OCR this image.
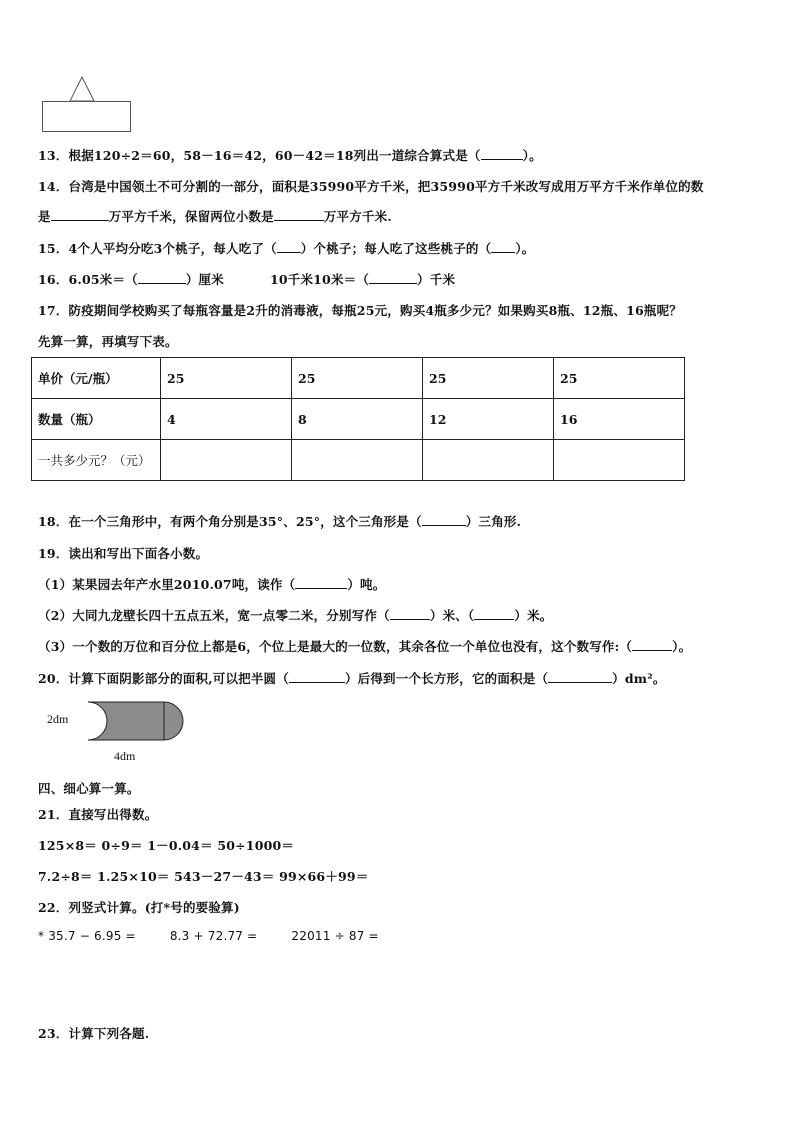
13．根据120÷2＝60，58－16＝42，60－42＝18列出一道综合算式是（	）。
14．台湾是中国领土不可分割的一部分，面积是35990平方千米，把35990平方千米改写成用万平方千米作单位的数
是	万平方千米，保留两位小数是	万平方千米.
15．4个人平均分吃3个桃子，每人吃了（ ）个桃子；每人吃了这些桃子的（ ）。
16．6.05米＝（	）厘米	10千米10米＝（	）千米
17．防疫期间学校购买了每瓶容量是2升的消毒液，每瓶25元，购买4瓶多少元？如果购买8瓶、12瓶、16瓶呢？
先算一算，再填写下表。
单价（元/瓶）	25	25	25	25
数量（瓶）	4	8	12	16
一共多少元？（元）				
18．在一个三角形中，有两个角分别是35°、25°，这个三角形是（	）三角形.
19．读出和写出下面各小数。
（1）某果园去年产水里2010.07吨，读作（	）吨。
（2）大同九龙壁长四十五点五米，宽一点零二米，分别写作（	）米、（	）米。
（3）一个数的万位和百分位上都是6，个位上是最大的一位数，其余各位一个单位也没有，这个数写作:（	）。
20．计算下面阴影部分的面积,可以把半圆（	）后得到一个长方形，它的面积是（	）dm²。
2dm
4dm
四、细心算一算。
21．直接写出得数。
125×8＝ 0÷9＝ 1－0.04＝ 50÷1000＝
7.2÷8＝ 1.25×10＝ 543－27－43＝ 99×66＋99＝
22．列竖式计算。(打*号的要验算)
* 35.7 − 6.95 =	8.3 + 72.77 =	22011 ÷ 87 =
23．计算下列各题.
